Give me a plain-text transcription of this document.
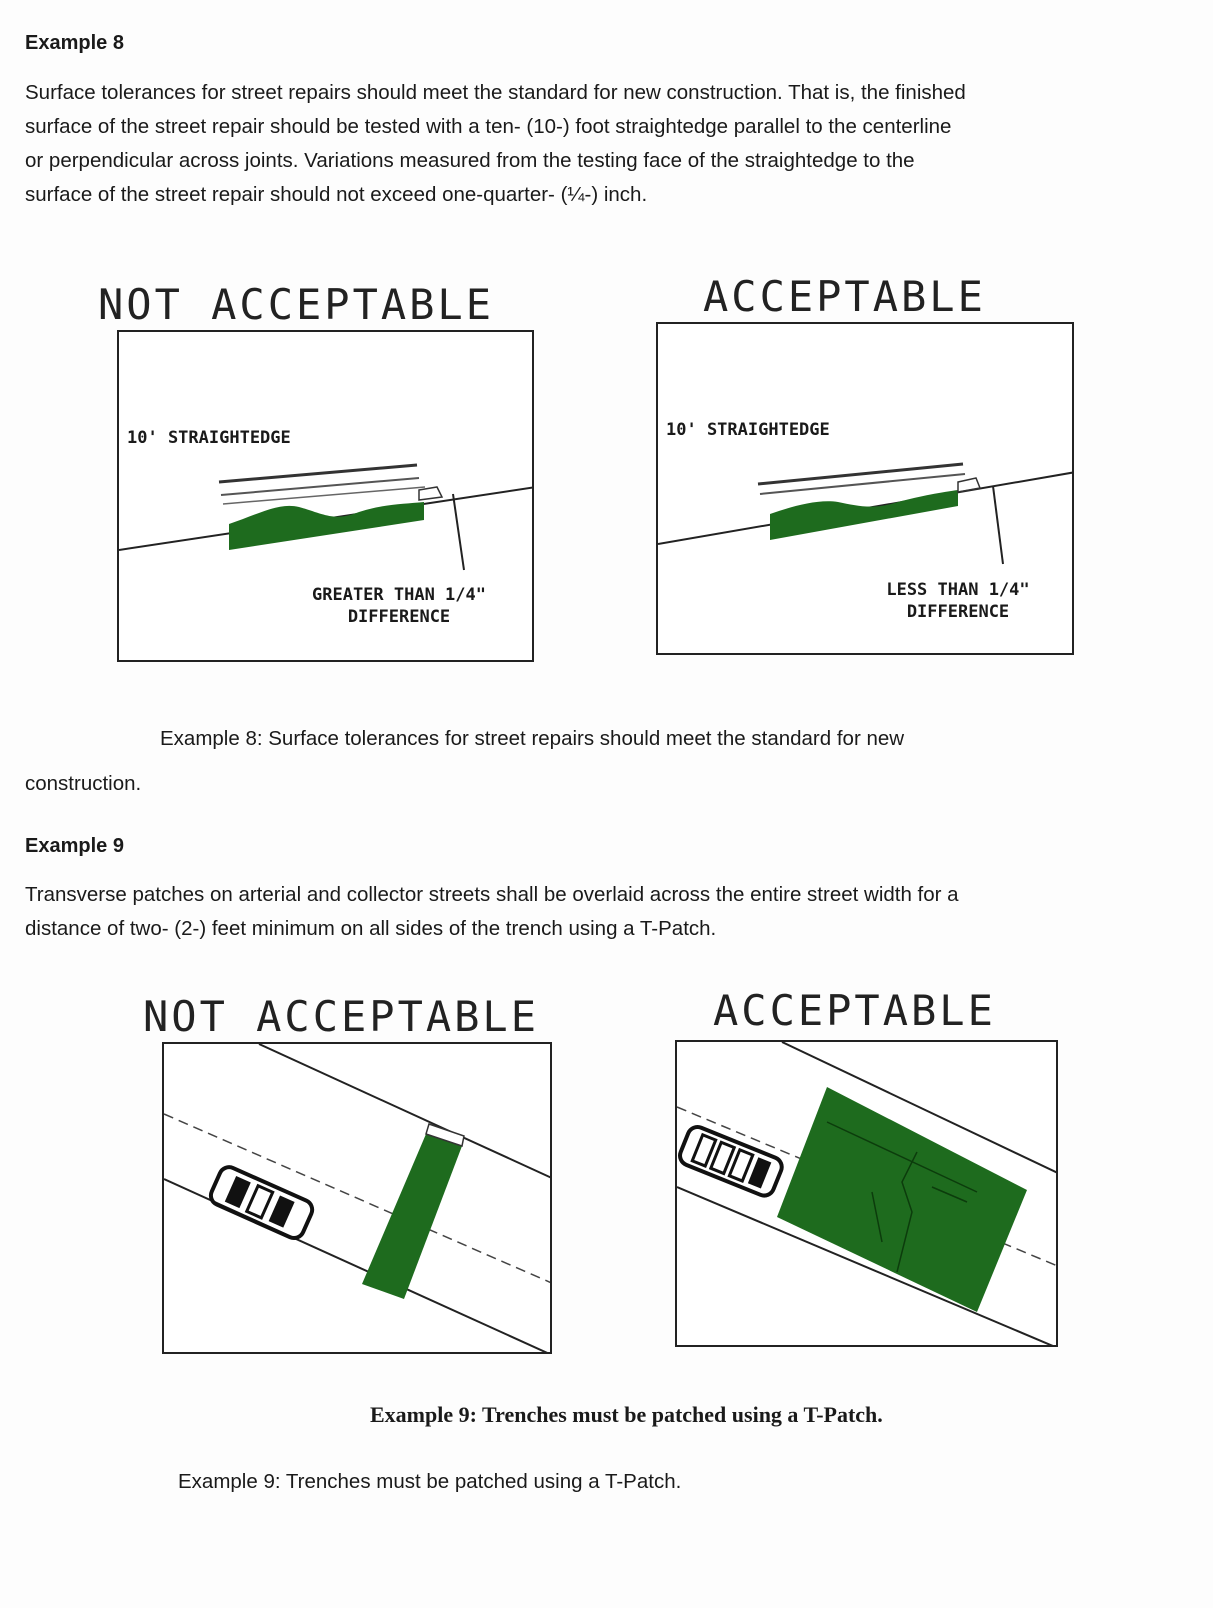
Example 8
Surface tolerances for street repairs should meet the standard for new construction. That is, the finished
surface of the street repair should be tested with a ten- (10-) foot straightedge parallel to the centerline
or perpendicular across joints. Variations measured from the testing face of the straightedge to the
surface of the street repair should not exceed one-quarter- (¼-) inch.
NOT ACCEPTABLE	ACCEPTABLE
10' STRAIGHTEDGE
GREATER THAN 1/4"
DIFFERENCE
10' STRAIGHTEDGE
LESS THAN 1/4"
DIFFERENCE
Example 8: Surface tolerances for street repairs should meet the standard for new
construction.
Example 9
Transverse patches on arterial and collector streets shall be overlaid across the entire street width for a
distance of two- (2-) feet minimum on all sides of the trench using a T-Patch.
NOT ACCEPTABLE	ACCEPTABLE
Example 9: Trenches must be patched using a T-Patch.
Example 9: Trenches must be patched using a T-Patch.
